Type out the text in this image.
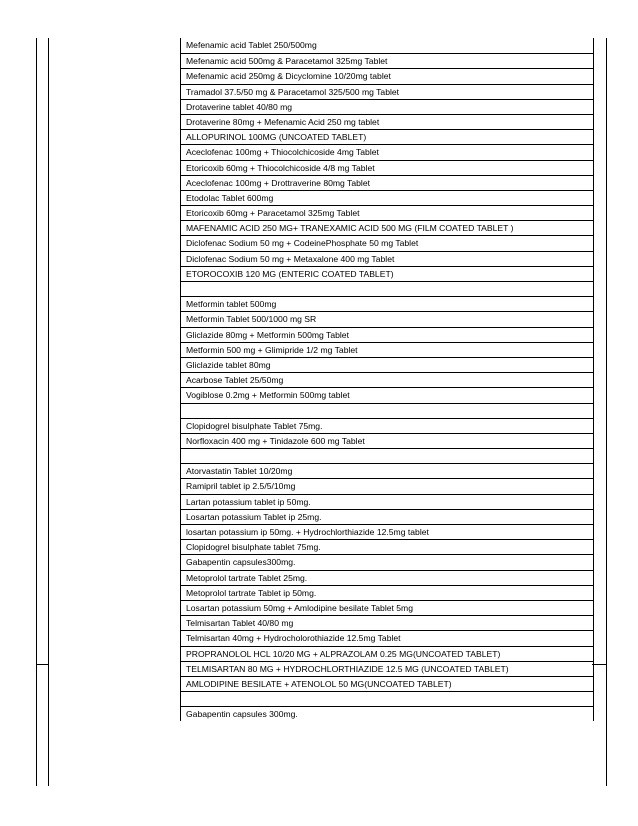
Mefenamic acid Tablet 250/500mg
Mefenamic acid 500mg & Paracetamol 325mg Tablet
Mefenamic acid 250mg & Dicyclomine 10/20mg tablet
Tramadol 37.5/50 mg & Paracetamol 325/500 mg Tablet
Drotaverine tablet 40/80 mg
Drotaverine 80mg + Mefenamic Acid 250 mg tablet
ALLOPURINOL 100MG (UNCOATED TABLET)
Aceclofenac 100mg + Thiocolchicoside 4mg Tablet
Etoricoxib 60mg + Thiocolchicoside 4/8 mg Tablet
Aceclofenac 100mg + Drottraverine 80mg Tablet
Etodolac Tablet 600mg
Etoricoxib 60mg + Paracetamol 325mg Tablet
MAFENAMIC ACID 250 MG+ TRANEXAMIC ACID 500 MG (FILM COATED TABLET )
Diclofenac Sodium 50 mg + CodeinePhosphate 50 mg Tablet
Diclofenac Sodium 50 mg + Metaxalone 400 mg Tablet
ETOROCOXIB 120 MG (ENTERIC COATED TABLET)
Metformin tablet 500mg
Metformin Tablet 500/1000 mg SR
Gliclazide 80mg + Metformin 500mg Tablet
Metformin 500 mg + Glimipride 1/2 mg Tablet
Gliclazide tablet 80mg
Acarbose Tablet 25/50mg
Vogiblose 0.2mg + Metformin 500mg tablet
Clopidogrel bisulphate Tablet 75mg.
Norfloxacin 400 mg + Tinidazole 600 mg Tablet
Atorvastatin Tablet 10/20mg
Ramipril tablet ip 2.5/5/10mg
Lartan potassium tablet ip 50mg.
Losartan potassium Tablet ip 25mg.
losartan potassium ip 50mg. + Hydrochlorthiazide 12.5mg tablet
Clopidogrel bisulphate tablet 75mg.
Gabapentin capsules300mg.
Metoprolol tartrate Tablet 25mg.
Metoprolol tartrate Tablet ip 50mg.
Losartan potassium 50mg + Amlodipine besilate Tablet 5mg
Telmisartan Tablet 40/80 mg
Telmisartan 40mg + Hydrocholorothiazide 12.5mg Tablet
PROPRANOLOL HCL 10/20 MG + ALPRAZOLAM 0.25 MG(UNCOATED TABLET)
TELMISARTAN 80 MG + HYDROCHLORTHIAZIDE 12.5 MG (UNCOATED TABLET)
AMLODIPINE BESILATE + ATENOLOL 50 MG(UNCOATED TABLET)
Gabapentin capsules 300mg.
